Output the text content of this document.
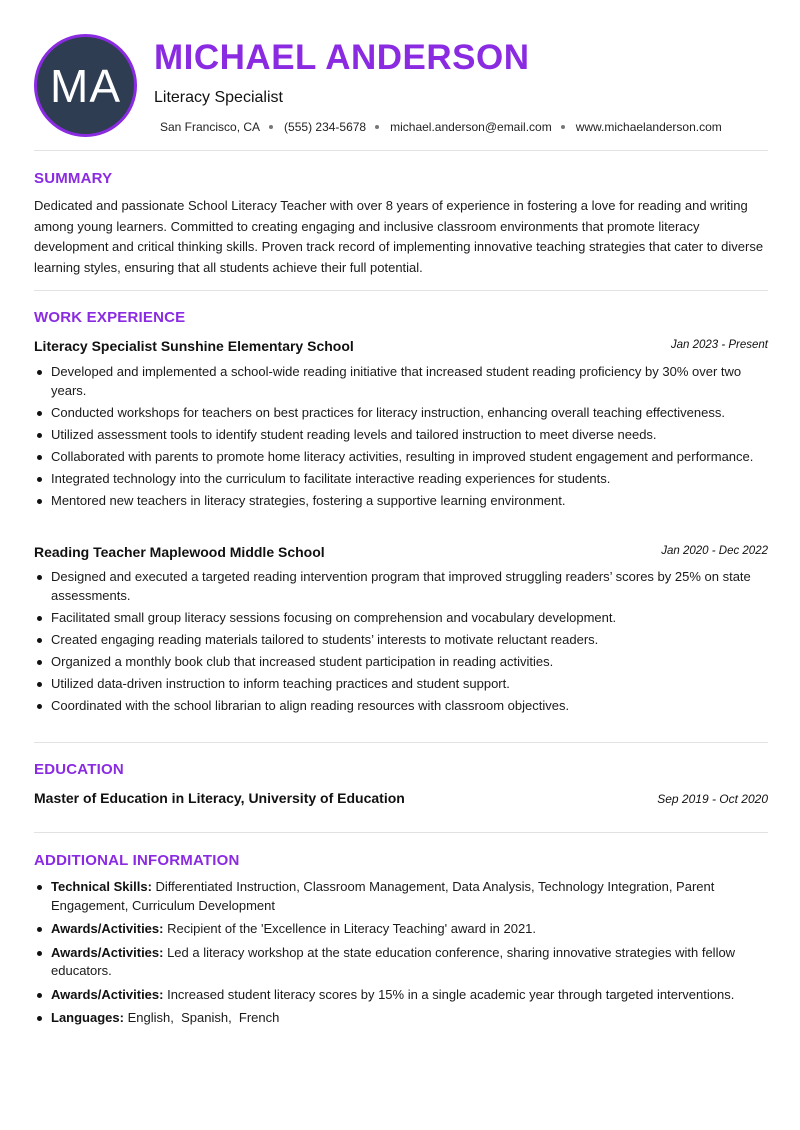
MA
MICHAEL ANDERSON
Literacy Specialist
San Francisco, CA (555) 234-5678 michael.anderson@email.com www.michaelanderson.com
SUMMARY

Dedicated and passionate School Literacy Teacher with over 8 years of experience in fostering a love for reading and writing among young learners. Committed to creating engaging and inclusive classroom environments that promote literacy development and critical thinking skills. Proven track record of implementing innovative teaching strategies that cater to diverse learning styles, ensuring that all students achieve their full potential.

WORK EXPERIENCE
Literacy Specialist Sunshine Elementary School	Jan 2023 - Present
Developed and implemented a school-wide reading initiative that increased student reading proficiency by 30% over two years.
Conducted workshops for teachers on best practices for literacy instruction, enhancing overall teaching effectiveness.
Utilized assessment tools to identify student reading levels and tailored instruction to meet diverse needs.
Collaborated with parents to promote home literacy activities, resulting in improved student engagement and performance.
Integrated technology into the curriculum to facilitate interactive reading experiences for students.
Mentored new teachers in literacy strategies, fostering a supportive learning environment.
Reading Teacher Maplewood Middle School	Jan 2020 - Dec 2022
Designed and executed a targeted reading intervention program that improved struggling readers’ scores by 25% on state assessments.
Facilitated small group literacy sessions focusing on comprehension and vocabulary development.
Created engaging reading materials tailored to students’ interests to motivate reluctant readers.
Organized a monthly book club that increased student participation in reading activities.
Utilized data-driven instruction to inform teaching practices and student support.
Coordinated with the school librarian to align reading resources with classroom objectives.
EDUCATION
Master of Education in Literacy, University of Education	Sep 2019 - Oct 2020
ADDITIONAL INFORMATION
Technical Skills: Differentiated Instruction, Classroom Management, Data Analysis, Technology Integration, Parent Engagement, Curriculum Development
Awards/Activities: Recipient of the 'Excellence in Literacy Teaching' award in 2021.
Awards/Activities: Led a literacy workshop at the state education conference, sharing innovative strategies with fellow educators.
Awards/Activities: Increased student literacy scores by 15% in a single academic year through targeted interventions.
Languages: English,  Spanish,  French
